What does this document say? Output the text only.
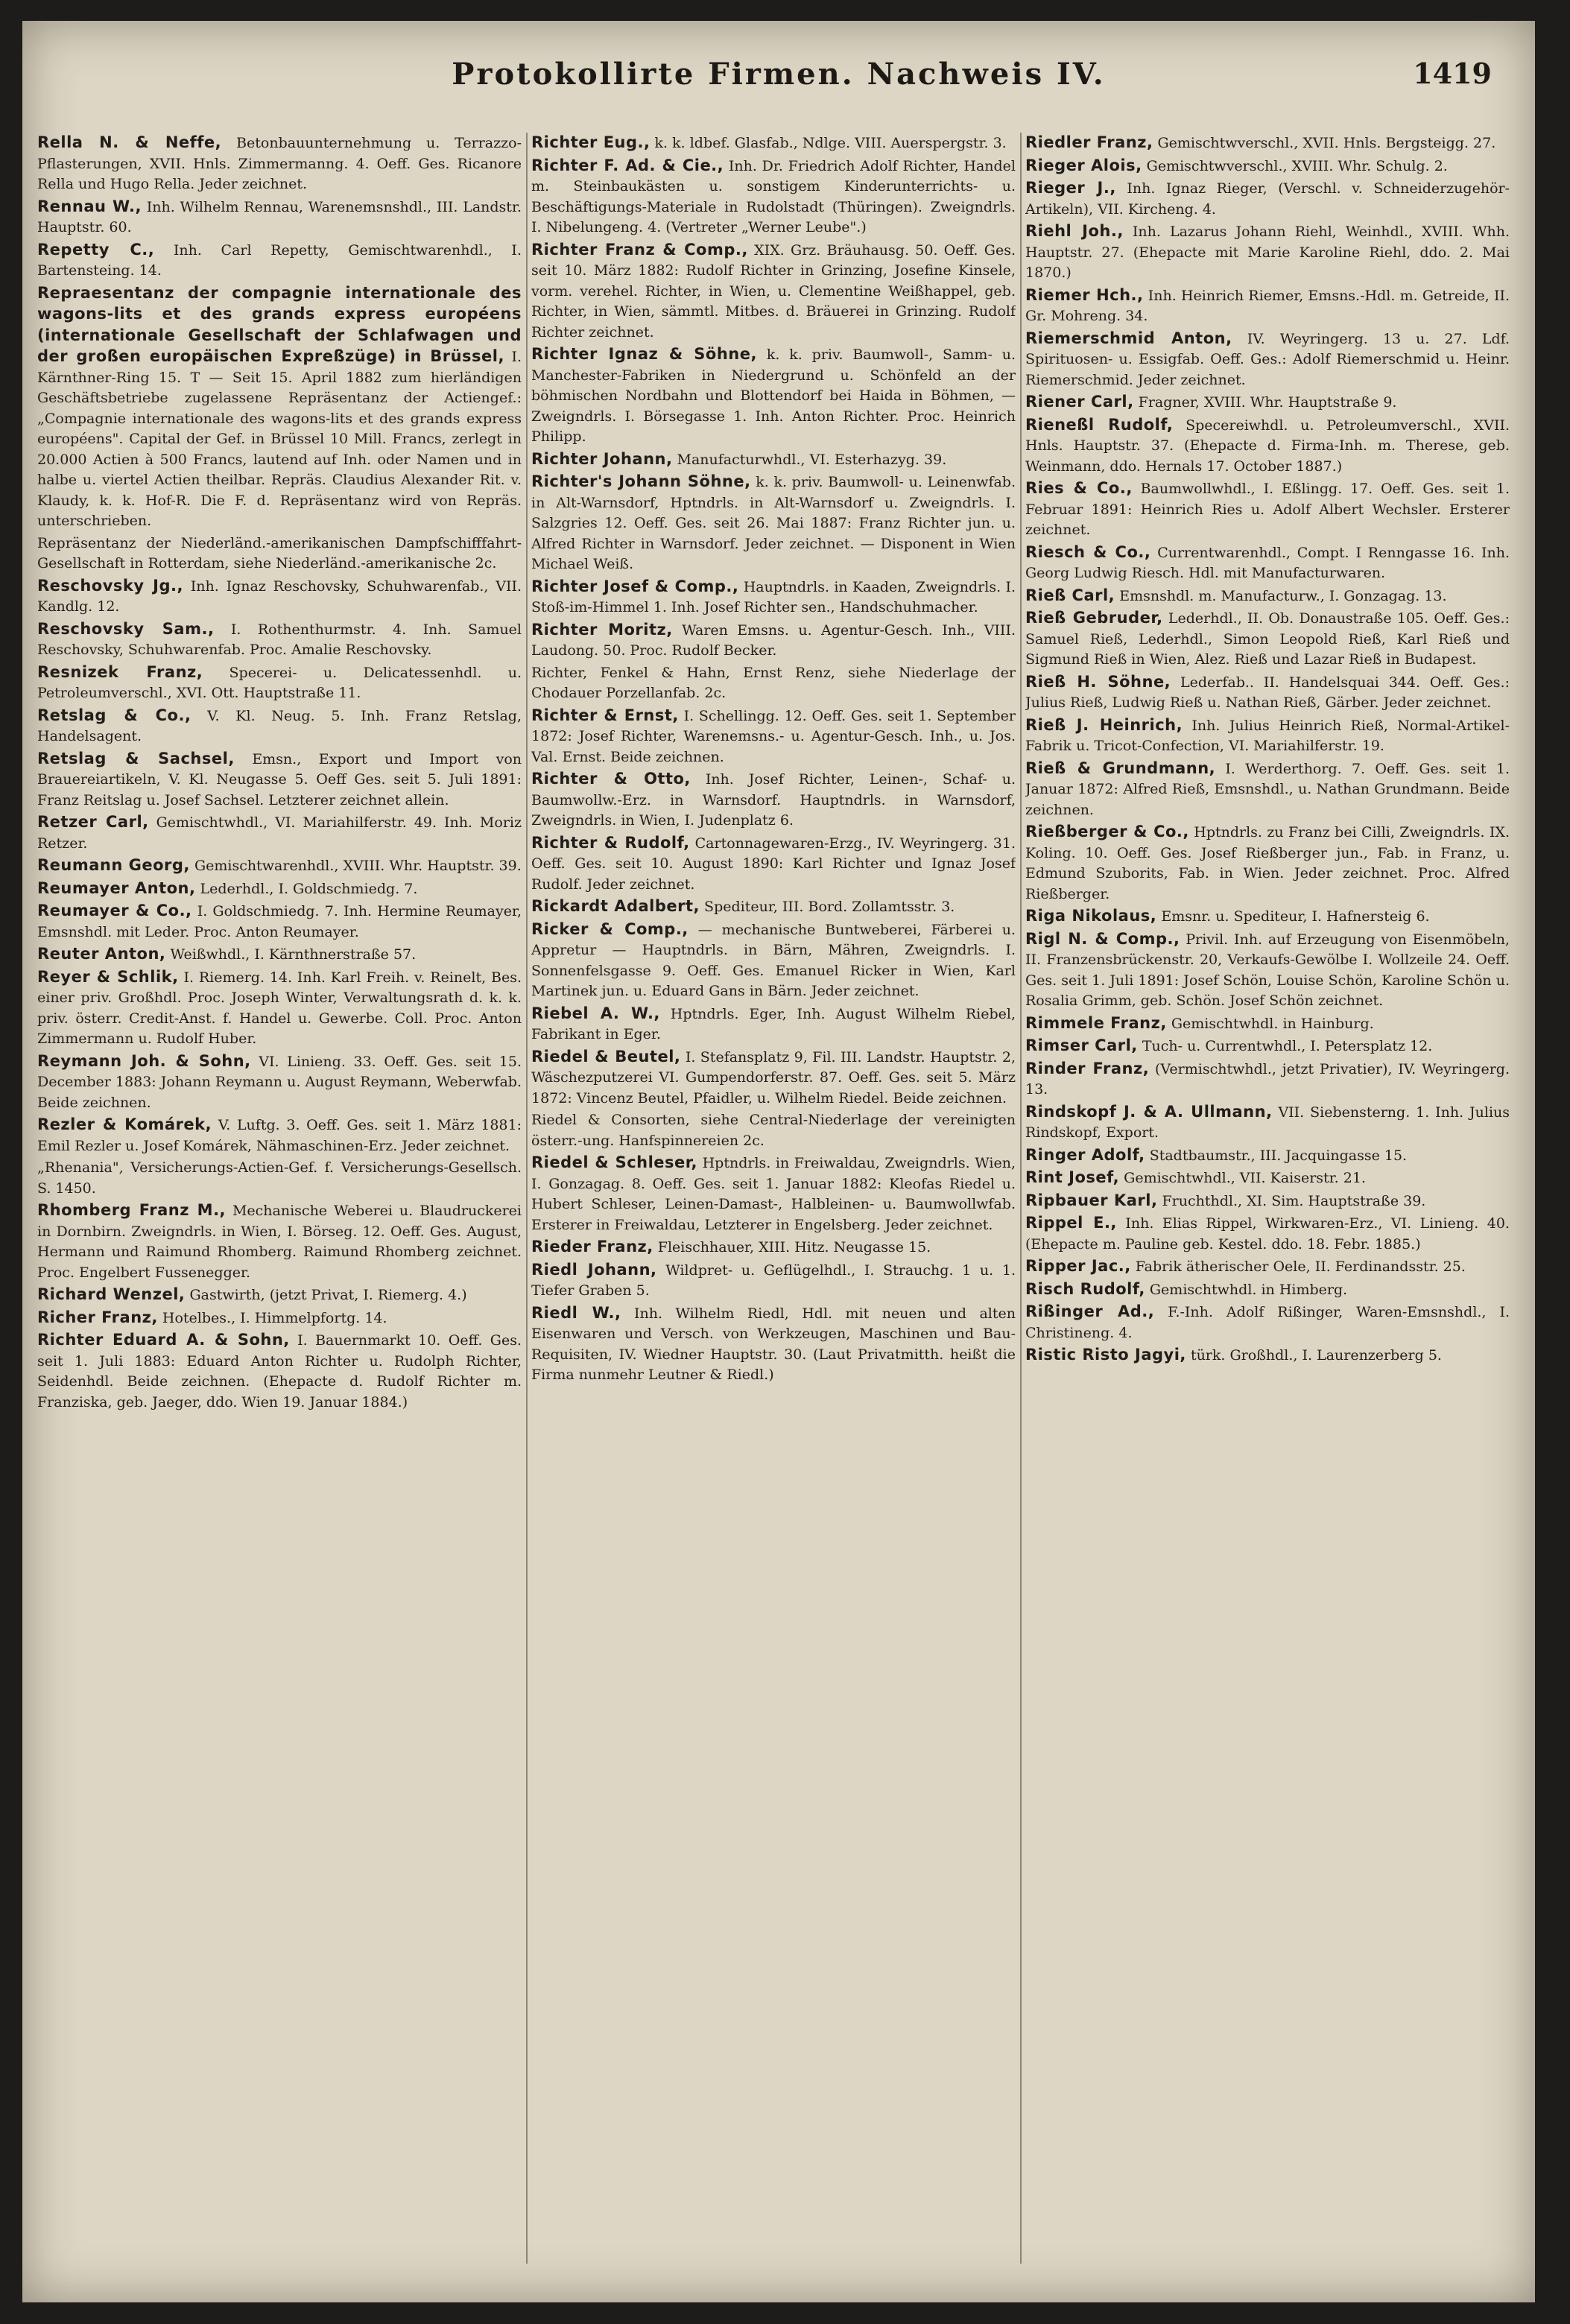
Protokollirte Firmen. Nachweis IV.	1419

Rella N. & Neffe, Betonbauunternehmung u. Terrazzo-Pflasterungen, XVII. Hnls. Zimmermanng. 4. Oeff. Ges. Ricanore Rella und Hugo Rella. Jeder zeichnet.

Rennau W., Inh. Wilhelm Rennau, Warenemsnshdl., III. Landstr. Hauptstr. 60.

Repetty C., Inh. Carl Repetty, Gemischtwarenhdl., I. Bartensteing. 14.

Repraesentanz der compagnie internationale des wagons-lits et des grands express européens (internationale Gesellschaft der Schlafwagen und der großen europäischen Expreßzüge) in Brüssel, I. Kärnthner-Ring 15. T — Seit 15. April 1882 zum hierländigen Geschäftsbetriebe zugelassene Repräsentanz der Actiengef.: „Compagnie internationale des wagons-lits et des grands express européens". Capital der Gef. in Brüssel 10 Mill. Francs, zerlegt in 20.000 Actien à 500 Francs, lautend auf Inh. oder Namen und in halbe u. viertel Actien theilbar. Repräs. Claudius Alexander Rit. v. Klaudy, k. k. Hof-R. Die F. d. Repräsentanz wird von Repräs. unterschrieben.

Repräsentanz der Niederländ.-amerikanischen Dampfschifffahrt-Gesellschaft in Rotterdam, siehe Niederländ.-amerikanische 2c.

Reschovsky Jg., Inh. Ignaz Reschovsky, Schuhwarenfab., VII. Kandlg. 12.

Reschovsky Sam., I. Rothenthurmstr. 4. Inh. Samuel Reschovsky, Schuhwarenfab. Proc. Amalie Reschovsky.

Resnizek Franz, Specerei- u. Delicatessenhdl. u. Petroleumverschl., XVI. Ott. Hauptstraße 11.

Retslag & Co., V. Kl. Neug. 5. Inh. Franz Retslag, Handelsagent.

Retslag & Sachsel, Emsn., Export und Import von Brauereiartikeln, V. Kl. Neugasse 5. Oeff Ges. seit 5. Juli 1891: Franz Reitslag u. Josef Sachsel. Letzterer zeichnet allein.

Retzer Carl, Gemischtwhdl., VI. Mariahilferstr. 49. Inh. Moriz Retzer.

Reumann Georg, Gemischtwarenhdl., XVIII. Whr. Hauptstr. 39.

Reumayer Anton, Lederhdl., I. Goldschmiedg. 7.

Reumayer & Co., I. Goldschmiedg. 7. Inh. Hermine Reumayer, Emsnshdl. mit Leder. Proc. Anton Reumayer.

Reuter Anton, Weißwhdl., I. Kärnthnerstraße 57.

Reyer & Schlik, I. Riemerg. 14. Inh. Karl Freih. v. Reinelt, Bes. einer priv. Großhdl. Proc. Joseph Winter, Verwaltungsrath d. k. k. priv. österr. Credit-Anst. f. Handel u. Gewerbe. Coll. Proc. Anton Zimmermann u. Rudolf Huber.

Reymann Joh. & Sohn, VI. Linieng. 33. Oeff. Ges. seit 15. December 1883: Johann Reymann u. August Reymann, Weberwfab. Beide zeichnen.

Rezler & Komárek, V. Luftg. 3. Oeff. Ges. seit 1. März 1881: Emil Rezler u. Josef Komárek, Nähmaschinen-Erz. Jeder zeichnet.

„Rhenania", Versicherungs-Actien-Gef. f. Versicherungs-Gesellsch. S. 1450.

Rhomberg Franz M., Mechanische Weberei u. Blaudruckerei in Dornbirn. Zweigndrls. in Wien, I. Börseg. 12. Oeff. Ges. August, Hermann und Raimund Rhomberg. Raimund Rhomberg zeichnet. Proc. Engelbert Fussenegger.

Richard Wenzel, Gastwirth, (jetzt Privat, I. Riemerg. 4.)

Richer Franz, Hotelbes., I. Himmelpfortg. 14.

Richter Eduard A. & Sohn, I. Bauernmarkt 10. Oeff. Ges. seit 1. Juli 1883: Eduard Anton Richter u. Rudolph Richter, Seidenhdl. Beide zeichnen. (Ehepacte d. Rudolf Richter m. Franziska, geb. Jaeger, ddo. Wien 19. Januar 1884.)

Richter Eug., k. k. ldbef. Glasfab., Ndlge. VIII. Auerspergstr. 3.

Richter F. Ad. & Cie., Inh. Dr. Friedrich Adolf Richter, Handel m. Steinbaukästen u. sonstigem Kinderunterrichts- u. Beschäftigungs-Materiale in Rudolstadt (Thüringen). Zweigndrls. I. Nibelungeng. 4. (Vertreter „Werner Leube".)

Richter Franz & Comp., XIX. Grz. Bräuhausg. 50. Oeff. Ges. seit 10. März 1882: Rudolf Richter in Grinzing, Josefine Kinsele, vorm. verehel. Richter, in Wien, u. Clementine Weißhappel, geb. Richter, in Wien, sämmtl. Mitbes. d. Bräuerei in Grinzing. Rudolf Richter zeichnet.

Richter Ignaz & Söhne, k. k. priv. Baumwoll-, Samm- u. Manchester-Fabriken in Niedergrund u. Schönfeld an der böhmischen Nordbahn und Blottendorf bei Haida in Böhmen, — Zweigndrls. I. Börsegasse 1. Inh. Anton Richter. Proc. Heinrich Philipp.

Richter Johann, Manufacturwhdl., VI. Esterhazyg. 39.

Richter's Johann Söhne, k. k. priv. Baumwoll- u. Leinenwfab. in Alt-Warnsdorf, Hptndrls. in Alt-Warnsdorf u. Zweigndrls. I. Salzgries 12. Oeff. Ges. seit 26. Mai 1887: Franz Richter jun. u. Alfred Richter in Warnsdorf. Jeder zeichnet. — Disponent in Wien Michael Weiß.

Richter Josef & Comp., Hauptndrls. in Kaaden, Zweigndrls. I. Stoß-im-Himmel 1. Inh. Josef Richter sen., Handschuhmacher.

Richter Moritz, Waren Emsns. u. Agentur-Gesch. Inh., VIII. Laudong. 50. Proc. Rudolf Becker.

Richter, Fenkel & Hahn, Ernst Renz, siehe Niederlage der Chodauer Porzellanfab. 2c.

Richter & Ernst, I. Schellingg. 12. Oeff. Ges. seit 1. September 1872: Josef Richter, Warenemsns.- u. Agentur-Gesch. Inh., u. Jos. Val. Ernst. Beide zeichnen.

Richter & Otto, Inh. Josef Richter, Leinen-, Schaf- u. Baumwollw.-Erz. in Warnsdorf. Hauptndrls. in Warnsdorf, Zweigndrls. in Wien, I. Judenplatz 6.

Richter & Rudolf, Cartonnagewaren-Erzg., IV. Weyringerg. 31. Oeff. Ges. seit 10. August 1890: Karl Richter und Ignaz Josef Rudolf. Jeder zeichnet.

Rickardt Adalbert, Spediteur, III. Bord. Zollamtsstr. 3.

Ricker & Comp., — mechanische Buntweberei, Färberei u. Appretur — Hauptndrls. in Bärn, Mähren, Zweigndrls. I. Sonnenfelsgasse 9. Oeff. Ges. Emanuel Ricker in Wien, Karl Martinek jun. u. Eduard Gans in Bärn. Jeder zeichnet.

Riebel A. W., Hptndrls. Eger, Inh. August Wilhelm Riebel, Fabrikant in Eger.

Riedel & Beutel, I. Stefansplatz 9, Fil. III. Landstr. Hauptstr. 2, Wäschezputzerei VI. Gumpendorferstr. 87. Oeff. Ges. seit 5. März 1872: Vincenz Beutel, Pfaidler, u. Wilhelm Riedel. Beide zeichnen.

Riedel & Consorten, siehe Central-Niederlage der vereinigten österr.-ung. Hanfspinnereien 2c.

Riedel & Schleser, Hptndrls. in Freiwaldau, Zweigndrls. Wien, I. Gonzagag. 8. Oeff. Ges. seit 1. Januar 1882: Kleofas Riedel u. Hubert Schleser, Leinen-Damast-, Halbleinen- u. Baumwollwfab. Ersterer in Freiwaldau, Letzterer in Engelsberg. Jeder zeichnet.

Rieder Franz, Fleischhauer, XIII. Hitz. Neugasse 15.

Riedl Johann, Wildpret- u. Geflügelhdl., I. Strauchg. 1 u. 1. Tiefer Graben 5.

Riedl W., Inh. Wilhelm Riedl, Hdl. mit neuen und alten Eisenwaren und Versch. von Werkzeugen, Maschinen und Bau-Requisiten, IV. Wiedner Hauptstr. 30. (Laut Privatmitth. heißt die Firma nunmehr Leutner & Riedl.)

Riedler Franz, Gemischtwverschl., XVII. Hnls. Bergsteigg. 27.

Rieger Alois, Gemischtwverschl., XVIII. Whr. Schulg. 2.

Rieger J., Inh. Ignaz Rieger, (Verschl. v. Schneiderzugehör-Artikeln), VII. Kircheng. 4.

Riehl Joh., Inh. Lazarus Johann Riehl, Weinhdl., XVIII. Whh. Hauptstr. 27. (Ehepacte mit Marie Karoline Riehl, ddo. 2. Mai 1870.)

Riemer Hch., Inh. Heinrich Riemer, Emsns.-Hdl. m. Getreide, II. Gr. Mohreng. 34.

Riemerschmid Anton, IV. Weyringerg. 13 u. 27. Ldf. Spirituosen- u. Essigfab. Oeff. Ges.: Adolf Riemerschmid u. Heinr. Riemerschmid. Jeder zeichnet.

Riener Carl, Fragner, XVIII. Whr. Hauptstraße 9.

Rieneßl Rudolf, Specereiwhdl. u. Petroleumverschl., XVII. Hnls. Hauptstr. 37. (Ehepacte d. Firma-Inh. m. Therese, geb. Weinmann, ddo. Hernals 17. October 1887.)

Ries & Co., Baumwollwhdl., I. Eßlingg. 17. Oeff. Ges. seit 1. Februar 1891: Heinrich Ries u. Adolf Albert Wechsler. Ersterer zeichnet.

Riesch & Co., Currentwarenhdl., Compt. I Renngasse 16. Inh. Georg Ludwig Riesch. Hdl. mit Manufacturwaren.

Rieß Carl, Emsnshdl. m. Manufacturw., I. Gonzagag. 13.

Rieß Gebruder, Lederhdl., II. Ob. Donaustraße 105. Oeff. Ges.: Samuel Rieß, Lederhdl., Simon Leopold Rieß, Karl Rieß und Sigmund Rieß in Wien, Alez. Rieß und Lazar Rieß in Budapest.

Rieß H. Söhne, Lederfab.. II. Handelsquai 344. Oeff. Ges.: Julius Rieß, Ludwig Rieß u. Nathan Rieß, Gärber. Jeder zeichnet.

Rieß J. Heinrich, Inh. Julius Heinrich Rieß, Normal-Artikel-Fabrik u. Tricot-Confection, VI. Mariahilferstr. 19.

Rieß & Grundmann, I. Werderthorg. 7. Oeff. Ges. seit 1. Januar 1872: Alfred Rieß, Emsnshdl., u. Nathan Grundmann. Beide zeichnen.

Rießberger & Co., Hptndrls. zu Franz bei Cilli, Zweigndrls. IX. Koling. 10. Oeff. Ges. Josef Rießberger jun., Fab. in Franz, u. Edmund Szuborits, Fab. in Wien. Jeder zeichnet. Proc. Alfred Rießberger.

Riga Nikolaus, Emsnr. u. Spediteur, I. Hafnersteig 6.

Rigl N. & Comp., Privil. Inh. auf Erzeugung von Eisenmöbeln, II. Franzensbrückenstr. 20, Verkaufs-Gewölbe I. Wollzeile 24. Oeff. Ges. seit 1. Juli 1891: Josef Schön, Louise Schön, Karoline Schön u. Rosalia Grimm, geb. Schön. Josef Schön zeichnet.

Rimmele Franz, Gemischtwhdl. in Hainburg.

Rimser Carl, Tuch- u. Currentwhdl., I. Petersplatz 12.

Rinder Franz, (Vermischtwhdl., jetzt Privatier), IV. Weyringerg. 13.

Rindskopf J. & A. Ullmann, VII. Siebensterng. 1. Inh. Julius Rindskopf, Export.

Ringer Adolf, Stadtbaumstr., III. Jacquingasse 15.

Rint Josef, Gemischtwhdl., VII. Kaiserstr. 21.

Ripbauer Karl, Fruchthdl., XI. Sim. Hauptstraße 39.

Rippel E., Inh. Elias Rippel, Wirkwaren-Erz., VI. Linieng. 40. (Ehepacte m. Pauline geb. Kestel. ddo. 18. Febr. 1885.)

Ripper Jac., Fabrik ätherischer Oele, II. Ferdinandsstr. 25.

Risch Rudolf, Gemischtwhdl. in Himberg.

Rißinger Ad., F.-Inh. Adolf Rißinger, Waren-Emsnshdl., I. Christineng. 4.

Ristic Risto Jagyi, türk. Großhdl., I. Laurenzerberg 5.
